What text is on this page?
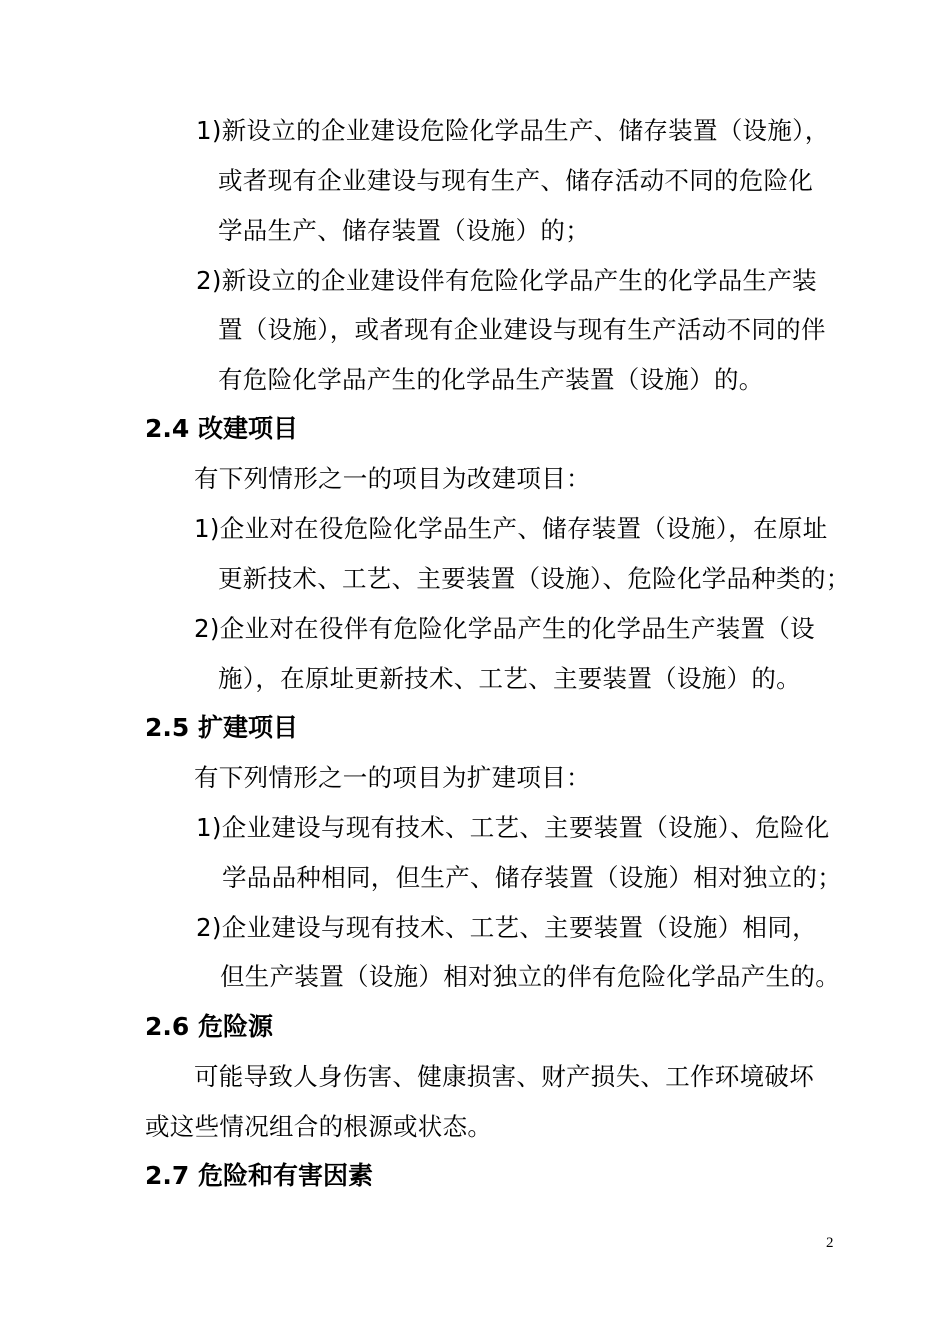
1)新设立的企业建设危险化学品生产、储存装置（设施），
或者现有企业建设与现有生产、储存活动不同的危险化
学品生产、储存装置（设施）的；
2)新设立的企业建设伴有危险化学品产生的化学品生产装
置（设施），或者现有企业建设与现有生产活动不同的伴
有危险化学品产生的化学品生产装置（设施）的。
2.4 改建项目
有下列情形之一的项目为改建项目：
1)企业对在役危险化学品生产、储存装置（设施），在原址
更新技术、工艺、主要装置（设施）、危险化学品种类的；
2)企业对在役伴有危险化学品产生的化学品生产装置（设
施），在原址更新技术、工艺、主要装置（设施）的。
2.5 扩建项目
有下列情形之一的项目为扩建项目：
1)企业建设与现有技术、工艺、主要装置（设施）、危险化
学品品种相同，但生产、储存装置（设施）相对独立的；
2)企业建设与现有技术、工艺、主要装置（设施）相同，
但生产装置（设施）相对独立的伴有危险化学品产生的。
2.6 危险源
可能导致人身伤害、健康损害、财产损失、工作环境破坏
或这些情况组合的根源或状态。
2.7 危险和有害因素
2
